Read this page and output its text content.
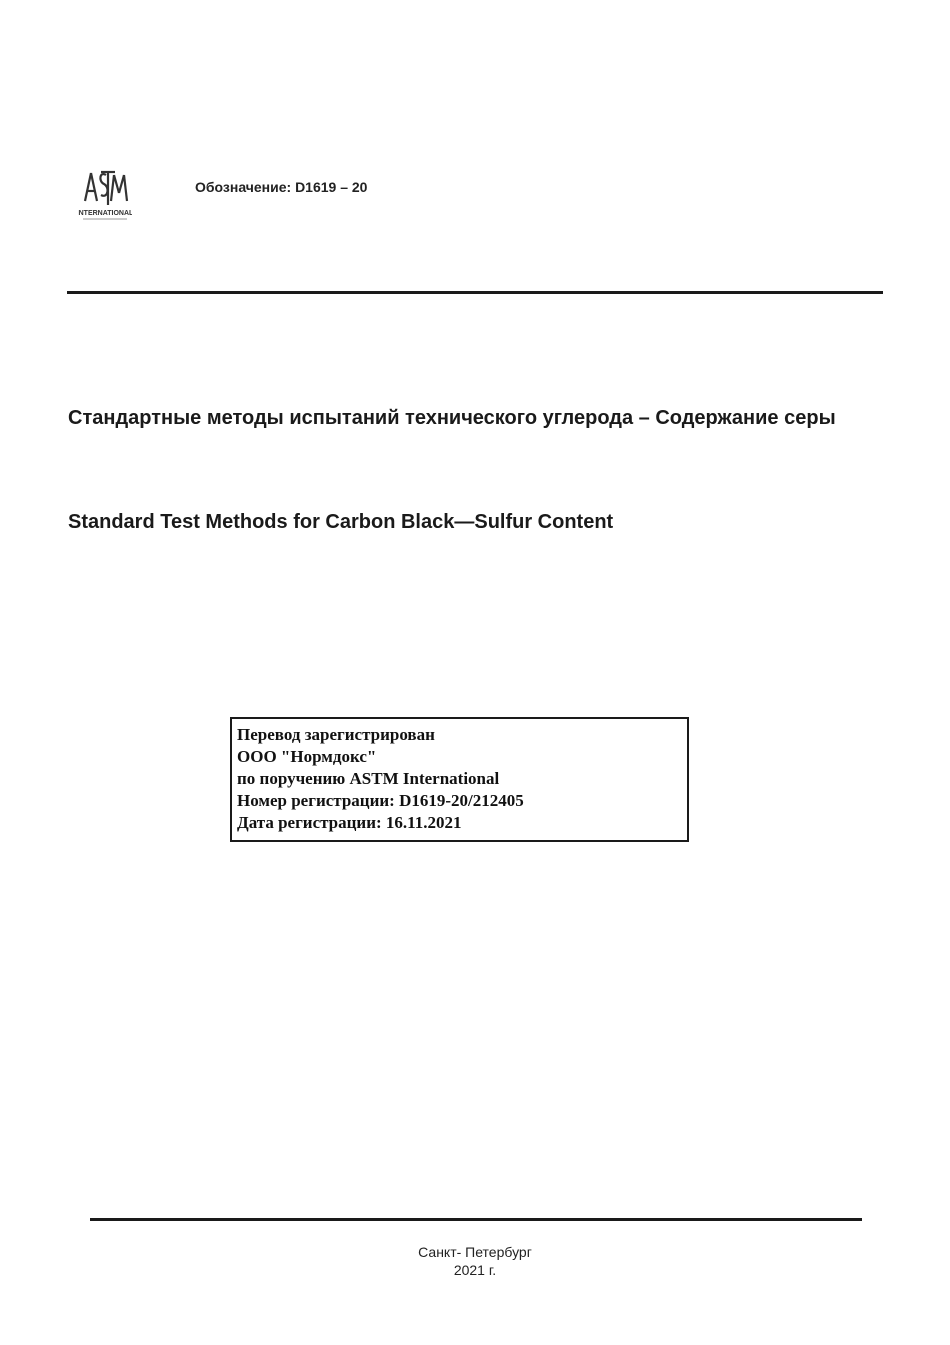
INTERNATIONAL
Обозначение: D1619 – 20
Стандартные методы испытаний технического углерода – Содержание серы
Standard Test Methods for Carbon Black—Sulfur Content
Перевод зарегистрирован
ООО "Нормдокс"
по поручению ASTM International
Номер регистрации: D1619-20/212405
Дата регистрации: 16.11.2021
Санкт- Петербург
2021 г.
